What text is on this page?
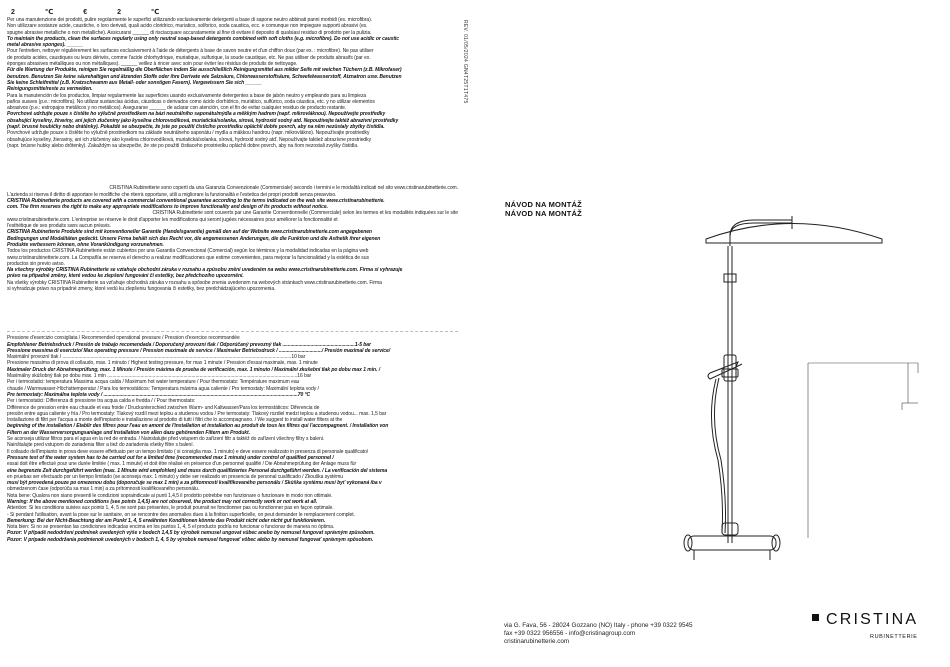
2 ℃ € 2 ℃
Per una manutenzione dei prodotti, pulire regolarmente le superfici utilizzando esclusivamente detergenti a base di sapone neutro abbinati panni morbidi (es. microfibra).
Non utilizzare sostanze acide, caustiche, o loro derivati, quali acido cloridrico, muriatico, solforico, soda caustica, ecc. e comunque non impiegare supporti abrasivi (es.
spugne abrasive metalliche o non metalliche). Assicurarsi ______ di risciacquare accuratamente al fine di evitare il deposito di qualsiasi residuo di prodotto per la pulizia.
To maintain the products, clean the surfaces regularly using only neutral soap-based detergents combined with soft cloths (e.g. microfibre). Do not use acidic or caustic
metal abrasive sponges). ______
Pour l'entretien, nettoyer régulièrement les surfaces exclusivement à l'aide de détergents à base de savon neutre et d'un chiffon doux (par ex. : microfibre). Ne pas utiliser
de produits acides, caustiques ou leurs dérivés, comme l'acide chlorhydrique, muriatique, sulfurique, la soude caustique, etc. Ne pas utiliser de produits abrasifs (par ex.
éponges abrasives métalliques ou non métalliques). ______ veillez à rincer avec soin pour éviter les résidus de produits de nettoyage.
Für die Wartung der Produkte, reinigen Sie regelmäßig die Oberflächen indem Sie ausschließlich Reinigungsmittel aus milder Seife mit weichen Tüchern (z.B. Mikrofaser)
benutzen. Benutzen Sie keine säurehaltigen und ätzenden Stoffe oder ihre Derivate wie Salzsäure, Chlorwasserstoffsäure, Schwefelwasserstoff, Ätznatron usw. Benutzen
Sie keine Schleifmittel (z.B. Kratzschwamm aus Metall- oder sonstigen Fasern). Vergewissern Sie sich ______
Reinigungsmittelreste zu vermeiden.
Para la manutención de los productos, limpiar regularmente las superficies usando exclusivamente detergentes a base de jabón neutro y empleando para su limpieza
paños suaves (p.e.: microfibra). No utilizar sustancias ácidas, cáusticas o derivados como ácido clorhídrico, muriático, sulfúrico, soda cáustica, etc. y no utilizar elementos
abrasivos (p.e.: estropajos metálicos y no metálicos). Asegurarse ______ de aclarar con atención, con el fin de evitar cualquier residuo de producto restante.
Povrchové udržujte pouze s čistěte ho výlučně prostředkem na bázi neutrálního saponátu/mýdla a měkkým hadrem (např. mikrovláknou). Nepoužívejte prostředky
obsahující kyseliny, žíraviny, ani jejich zlučeniny jako kyselina chlorovodíková, muriatická/solanka, sírová, hydroxid sodný atd. Nepoužívejte taktéž abrazivní prostředky
(např. brusné houbičky nebo drátěnky). Pokaždé se ubezpečte, že jste po použití čisticího prostředku opláchli dobře povrch, aby na něm nezůstaly zbytky čistidla.
Povrchové udržujte pouze s čistěte ho výlučně prostriedkom na základe neutrálneho saponátu / mydla a mäkkou handrou (napr. mikrovlákno). Nepoužívajte prostriedky
obsahujúce kyseliny, žieraviny, ani ich zlúčeniny ako kyselina chlorovodíková, muriatická/solanka, sírová, hydroxid sodný atď. Nepoužívajte taktiež abrazívne prostriedky
(napr. brúsne hubky alebo drôtenky). Zakaždým sa ubezpečte, že ste po použití čistiaceho prostriedku opláchli dobre povrch, aby na ňom nezostali zvyšky čistidla.
CRISTINA Rubinetterie sono coperti da una Garanzia Convenzionale (Commerciale) secondo i termini e le modalità indicati nel sito www.cristinarubinetterie.com.
L'azienda si riserva il diritto di apportare le modifiche che riterrà opportune, utili a migliorare la funzionalità e l'estetica dei propri prodotti senza preavviso.
CRISTINA Rubinetterie products are covered with a commercial conventional guarantee according to the terms indicated on the web site www.cristinarubinetterie.
com. The firm reserves the right to make any appropriate modifications to improve functionality and design of its products without notice.
CRISTINA Rubinetterie sont couverts par une Garantie Conventionnelle (Commerciale) selon les termes et les modalités indiquées sur le site
www.cristinarubinetterie.com. L'entreprise se réserve le droit d'apporter les modifications qui seront jugées nécessaires pour améliorer la fonctionnalité et
l'esthétique de ses produits sans aucun préavis.
CRISTINA Rubinetterie Produkte sind mit konventioneller Garantie (Handelsgarantie) gemäß den auf der Website www.cristinarubinetterie.com angegebenen
Bedingungen und Modalitäten gedeckt. Unsere Firma behält sich das Recht vor, die angemessenen Änderungen, die die Funktion und die Ästhetik ihrer eigenen
Produkte verbessern können, ohne Vorankündigung vorzunehmen.
Todos los productos CRISTINA Rubinetterie están cubiertos por una Garantía Convencional (Comercial) según los términos y la modalidad indicadas en la página web
www.cristinarubinetterie.com. La Compañía se reserva el derecho a realizar modificaciones que estime convenientes, para mejorar la funcionalidad y la estética de sus
productos sin previo aviso.
Na všechny výrobky CRISTINA Rubinetterie se vztahuje obchodní záruka v rozsahu a způsobu zněni uvedeném na webu www.cristinarubinetterie.com. Firma si vyhrazuje
právo na případné změny, které vedou ke zlepšení fungování či estetiky, bez předchozího upozornění.
Na všetky výrobky CRISTINA Rubinetterie sa vzťahuje obchodná záruka v rozsahu a spôsobe znenia uvedenom na webových stránkach www.cristinarubinetterie.com. Firma
si vyhradzuje právo na prípadné zmeny, ktoré vedú ku zlepšeniu fungovania či estetiky, bez predchádzajúceho upozornenia.
Pressione d'esercizio consigliata / Recommended operational pressure / Pression d'exercice recommandée
Empfohlener Betriebsdruck / Presión de trabajo recomendada / Doporučený provozní tlak / Odporúčaný prevozný tlak ......................................................1-5 bar
Pressione massima di esercizio/ Max operating pressure / Pression maximale de service / Maximaler Betriebsdruck / ................................/ Presión maximal de service/
Maximální provozní tlak / ...........................................................................................................................................................................10 bar
Pressione massima di prova di collaudo, max. 1 minuto / Highest testing pressure, for max 1 minute / Pression d'essai maximale, max. 1 minute
Maximaler Druck der Abnahmeprüfung, max. 1 Minute / Presión máxima de prueba de verificación, max. 1 minuto / Maximální zkušební tlak po dobu max 1 min. /
Maximálny skúšobný tlak po dobu max. 1 min ..............................................................................................................................................16 bar
Per i termostatici: temperatura Massima acqua calda / Maximum hot water temperature / Pour thermostats: Température maximum eau
chaude / Warmwasser-Höchsttemperatur / Para los termostáticos: Temperatura máxima agua caliente / Pro termostaty: Maximální teplota vody /
Pre termostaty: Maximálna teplota vody / .................................................................................................................................................70 °C
Per i termostatici: Differenza di pressione tra acqua calda e fredda / / Pour thermostats:
Différence de pression entre eau chaude et eau froide / Druckunterschied zwischen Warm- und Kaltwasser/Para los termostáticos: Diferencia de
presión entre agua caliente y fría / Pro termostaty: Tlakový rozdíl mezi teplou a studenou vodou / Pre termostaty: Tlakový rozdiel medzi teplou a studenou vodou... max. 1,5 bar
Installazione di filtri per l'acqua a monte dell'impianto e installazione al prodotto di tutti i filtri che lo accompagnano. / We suggest to install water filters at the
beginning of the installation / Établir des filtres pour l'eau en amont de l'installation et installation au produit de tous les filtres qui l'accompagnent. / Installation von
Filtern an der Wasserversorgungsanlage und Installation von allen dazu gehörenden Filtern am Produkt.
Se aconseja utilizar filtros para el agua en la red de entrada. / Nainstalujte před vstupem do zařízení filtr a taktéž do zařízení všechny filtry s baleni.
Nainštalujte pred vstupom do zariadenia filter a tiež do zariadenia všetky filtre s balení.
Il collaudo dell'impianto in prova deve essere effettuato per un tempo limitato ( si consiglia max. 1 minuto) e deve essere realizzato in presenza di personale qualificato/
Pressure test of the water system has to be carried out for a limited time (recommended max 1 minute) under control of qualified personnel /
essai doit être effectué pour une durée limitée ( max. 1 minute) et doit être réalisé en présence d'un personnel qualifié / Die Abnahmeprüfung der Anlage muss für
eine begrenzte Zeit durchgeführt werden (max. 1 Minute wird empfohlen) und muss durch qualifiziertes Personal durchgeführt werden. / La verificación del sistema
en pruebas ser efectuado por un tiempo limitado (se aconseja max. 1 minuto) y debe ser realizado en presencia de personal cualificado / Zkouška systému
musí být provedená pouze po omezenou dobu (doporučuje se max 1 min) a za přítomnosti kvalifikovaného personálu / Skúška systému musí byť vykonaná iba v
obmedzenom čase (odporúča sa max 1 min) a za prítomnosti kvalifikovaného personálu.
Nota bene: Qualora non siano presenti le condizioni sopraindicate ai punti 1,4,5 il prodotto potrebbe non funzionare o funzionare in modo non ottimale.
Warning: If the above mentioned conditions (see points 1,4,5) are not observed, the product may not correctly work or not work at all.
Attention: Si les conditions suivies aux points 1, 4, 5 ne sont pas présentes, le produit pourrait ne fonctionner pas ou fonctionner pas en façon optimale.
- Si pendant l'utilisation, avant la pose sur le sanitaire, on se rencontre des anomalies dues à la finition superficielle, on peut demander le remplacement complet.
Bemerkung: Bei der Nicht-Beachtung der am Punkt 1, 4, 5 erwähnten Konditionen könnte das Produkt nicht oder nicht gut funktionieren.
Nota bien: Si no se presentan las condiciones indicadas encima en los puntos 1, 4, 5 el producto podría no funcionar o funcionar de manera no óptima.
Pozor: V případě nedodržení podmínek uvedených výše v bodech 1,4,5 by výrobek nemusel ungovat vůbec anebo by nemusel fungovat správným způsobem.
Pozor: V prípade nedodržania podmienok uvedených v bodoch 1, 4, 5 by výrobok nemusel fungovať vôbec alebo by nemusel fungovať správnym spôsobom.
REV. 01/05/2024 GN4T25T1T475
NÁVOD NA MONTÁŽ
NÁVOD NA MONTÁŽ
via G. Fava, 56 - 28024 Gozzano (NO) Italy - phone +39 0322 9545
fax +39 0322 956556 - info@cristinagroup.com
cristinarubinetterie.com
CRISTINA
RUBINETTERIE
